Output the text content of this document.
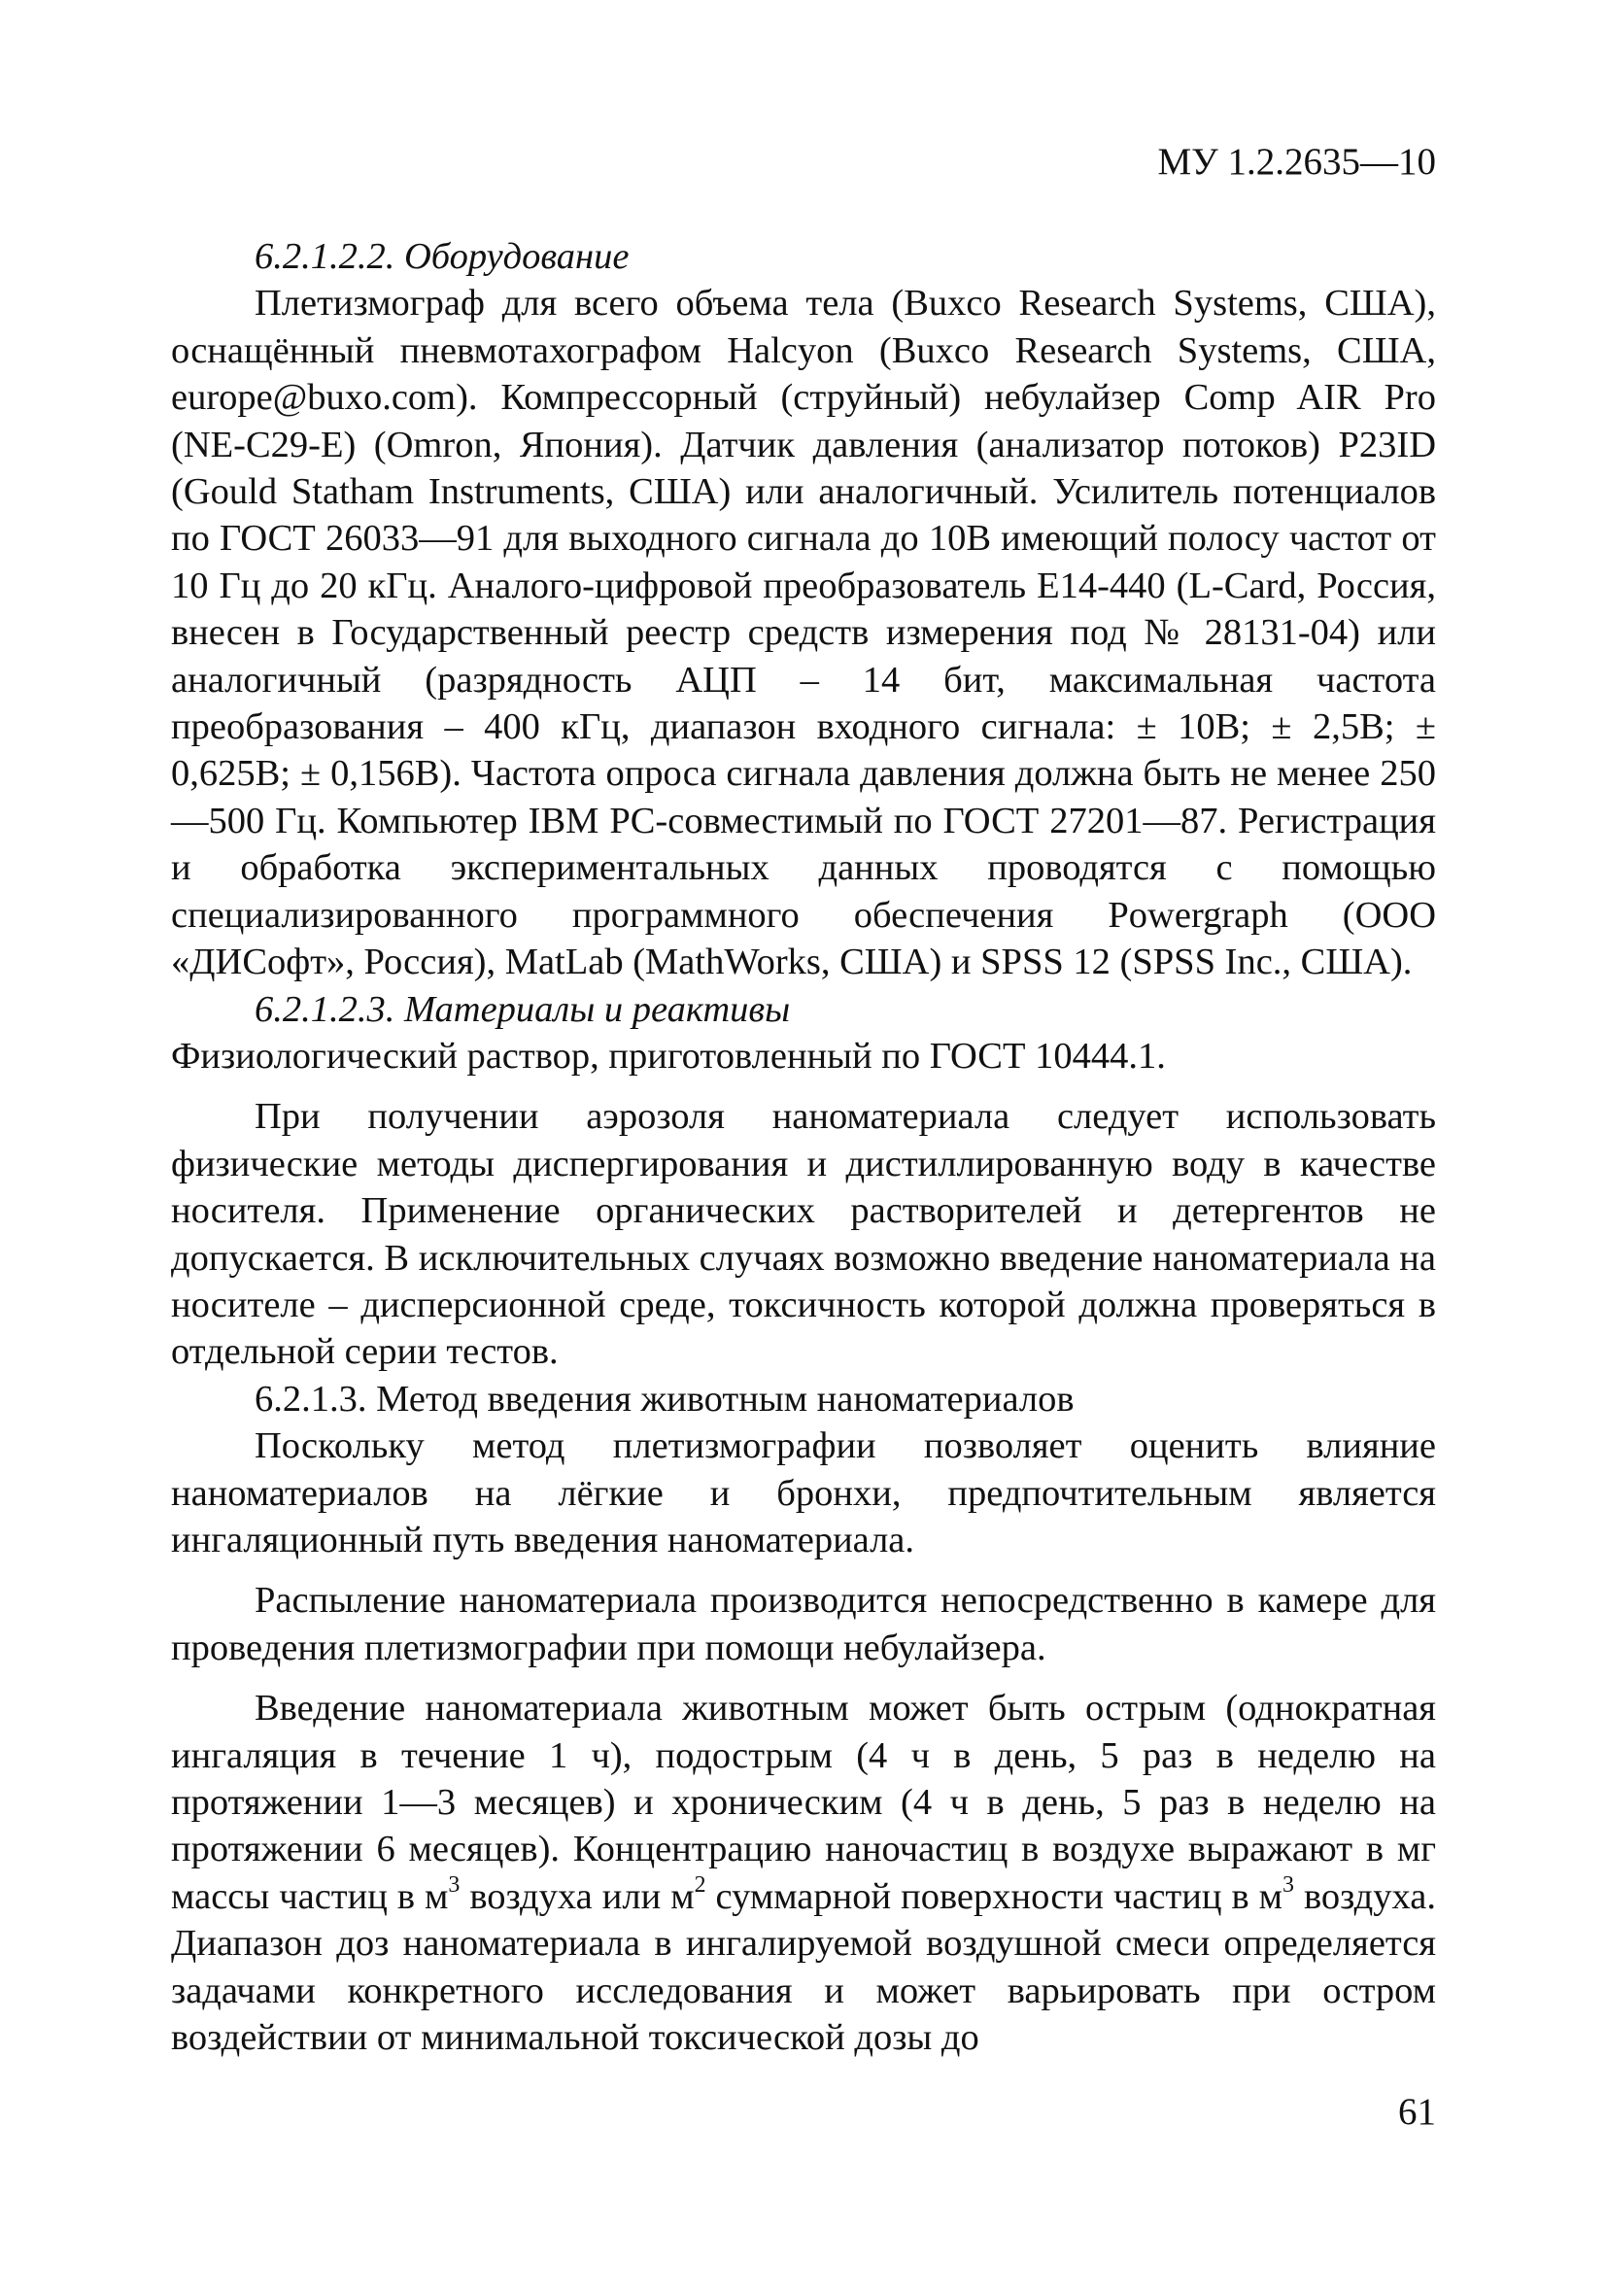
МУ 1.2.2635—10

6.2.1.2.2. Оборудование

Плетизмограф для всего объема тела (Buxco Research Systems, США), оснащённый пневмотахографом Halcyon (Buxco Research Systems, США, europe@buxo.com). Компрессорный (струйный) небулайзер Comp AIR Pro (NE-C29-E) (Omron, Япония). Датчик давления (анализатор потоков) P23ID (Gould Statham Instruments, США) или аналогичный. Усилитель потенциалов по ГОСТ 26033—91 для выходного сигнала до 10В имеющий полосу частот от 10 Гц до 20 кГц. Аналого-цифровой преобразователь E14-440 (L-Card, Россия, внесен в Государственный реестр средств измерения под № 28131-04) или аналогичный (разрядность АЦП – 14 бит, максимальная частота преобразования – 400 кГц, диапазон входного сигнала: ± 10В; ± 2,5В; ± 0,625В; ± 0,156В). Частота опроса сигнала давления должна быть не менее 250—500 Гц. Компьютер IBM PC-совместимый по ГОСТ 27201—87. Регистрация и обработка экспериментальных данных проводятся с помощью специализированного программного обеспечения Powergraph (ООО «ДИСофт», Россия), MatLab (MathWorks, США) и SPSS 12 (SPSS Inc., США).

6.2.1.2.3. Материалы и реактивы

Физиологический раствор, приготовленный по ГОСТ 10444.1.

При получении аэрозоля наноматериала следует использовать физические методы диспергирования и дистиллированную воду в качестве носителя. Применение органических растворителей и детергентов не допускается. В исключительных случаях возможно введение наноматериала на носителе – дисперсионной среде, токсичность которой должна проверяться в отдельной серии тестов.

6.2.1.3. Метод введения животным наноматериалов

Поскольку метод плетизмографии позволяет оценить влияние наноматериалов на лёгкие и бронхи, предпочтительным является ингаляционный путь введения наноматериала.

Распыление наноматериала производится непосредственно в камере для проведения плетизмографии при помощи небулайзера.

Введение наноматериала животным может быть острым (однократная ингаляция в течение 1 ч), подострым (4 ч в день, 5 раз в неделю на протяжении 1—3 месяцев) и хроническим (4 ч в день, 5 раз в неделю на протяжении 6 месяцев). Концентрацию наночастиц в воздухе выражают в мг массы частиц в $м^3$ воздуха или $м^2$ суммарной поверхности частиц в $м^3$ воздуха. Диапазон доз наноматериала в ингалируемой воздушной смеси определяется задачами конкретного исследования и может варьировать при остром воздействии от минимальной токсической дозы до

61
